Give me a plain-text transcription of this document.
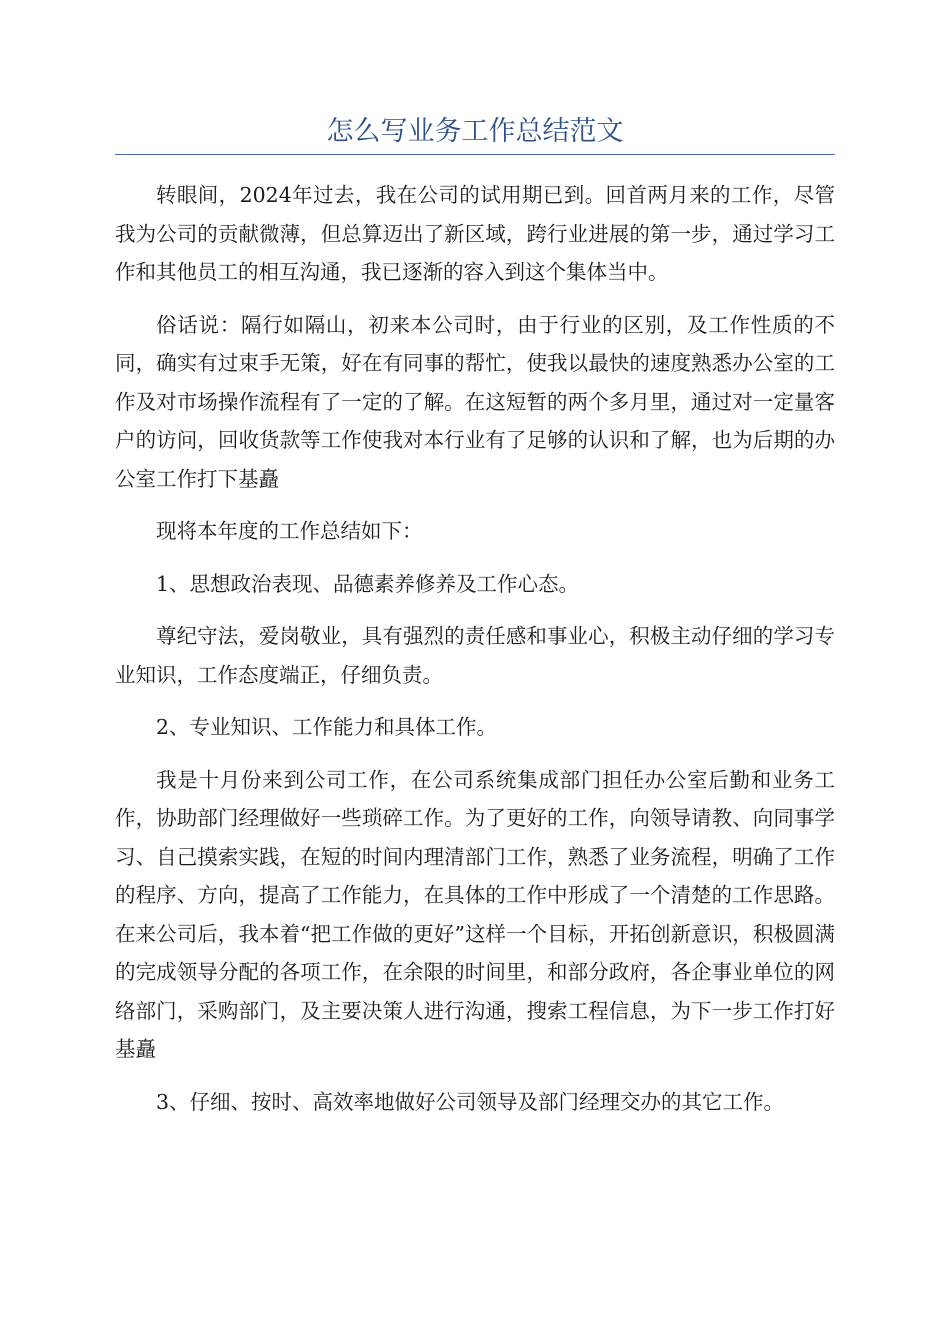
怎么写业务工作总结范文

转眼间，2024年过去，我在公司的试用期已到。回首两月来的工作，尽管我为公司的贡献微薄，但总算迈出了新区域，跨行业进展的第一步，通过学习工作和其他员工的相互沟通，我已逐渐的容入到这个集体当中。

俗话说：隔行如隔山，初来本公司时，由于行业的区别，及工作性质的不同，确实有过束手无策，好在有同事的帮忙，使我以最快的速度熟悉办公室的工作及对市场操作流程有了一定的了解。在这短暂的两个多月里，通过对一定量客户的访问，回收货款等工作使我对本行业有了足够的认识和了解，也为后期的办公室工作打下基矗

现将本年度的工作总结如下：

1、思想政治表现、品德素养修养及工作心态。

尊纪守法，爱岗敬业，具有强烈的责任感和事业心，积极主动仔细的学习专业知识，工作态度端正，仔细负责。

2、专业知识、工作能力和具体工作。

我是十月份来到公司工作，在公司系统集成部门担任办公室后勤和业务工作，协助部门经理做好一些琐碎工作。为了更好的工作，向领导请教、向同事学习、自己摸索实践，在短的时间内理清部门工作，熟悉了业务流程，明确了工作的程序、方向，提高了工作能力，在具体的工作中形成了一个清楚的工作思路。在来公司后，我本着“把工作做的更好”这样一个目标，开拓创新意识，积极圆满的完成领导分配的各项工作，在余限的时间里，和部分政府，各企事业单位的网络部门，采购部门，及主要决策人进行沟通，搜索工程信息，为下一步工作打好基矗

3、仔细、按时、高效率地做好公司领导及部门经理交办的其它工作。
